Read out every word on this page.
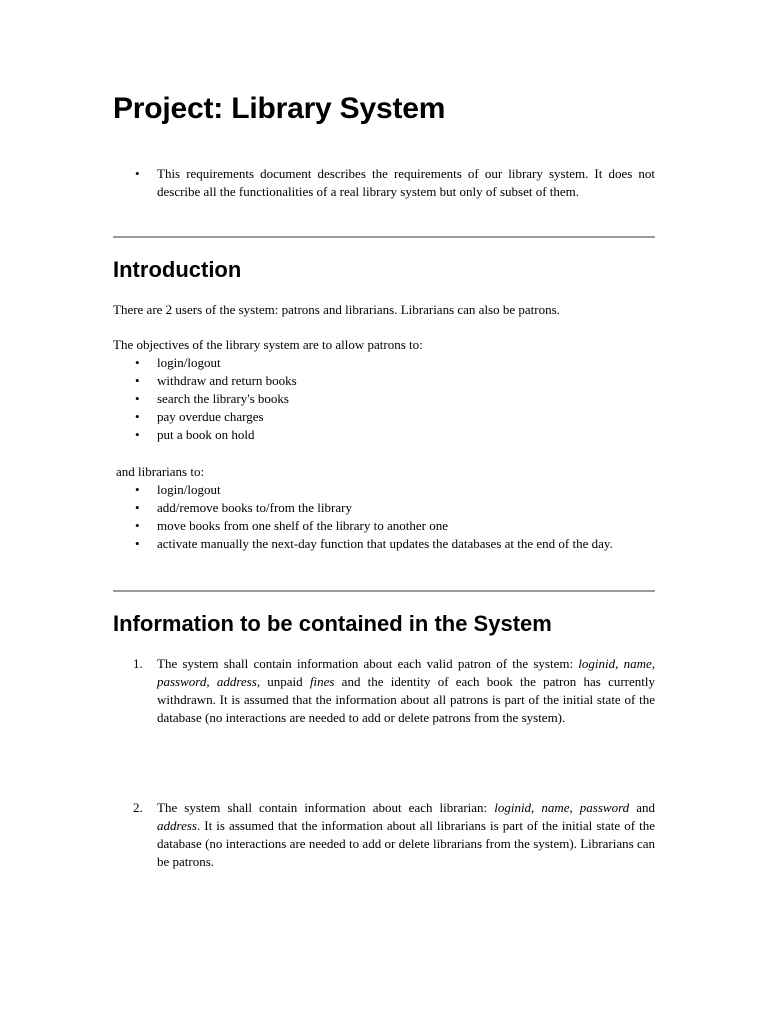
Project: Library System
• This requirements document describes the requirements of our library system. It does not describe all the functionalities of a real library system but only of subset of them.
Introduction

There are 2 users of the system: patrons and librarians. Librarians can also be patrons.

The objectives of the library system are to allow patrons to:

• login/logout
• withdraw and return books
• search the library's books
• pay overdue charges
• put a book on hold

and librarians to:

• login/logout
• add/remove books to/from the library
• move books from one shelf of the library to another one
• activate manually the next-day function that updates the databases at the end of the day.
Information to be contained in the System
1. The system shall contain information about each valid patron of the system: loginid, name, password, address, unpaid fines and the identity of each book the patron has currently withdrawn. It is assumed that the information about all patrons is part of the initial state of the database (no interactions are needed to add or delete patrons from the system).

2. The system shall contain information about each librarian: loginid, name, password and address. It is assumed that the information about all librarians is part of the initial state of the database (no interactions are needed to add or delete librarians from the system). Librarians can be patrons.
